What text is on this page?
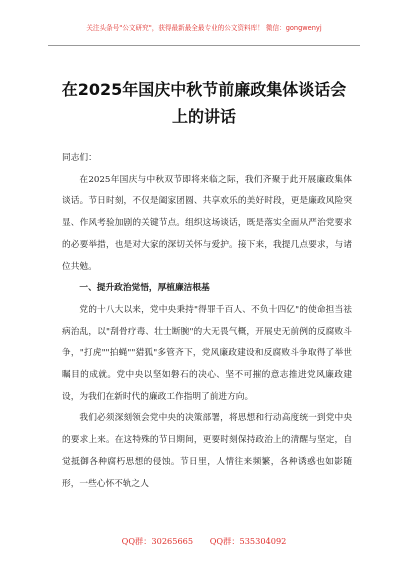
关注头条号"公文研究"，获得最新最全最专业的公文资料库！ 微信：gongwenyj
在2025年国庆中秋节前廉政集体谈话会
上的讲话

同志们：

在2025年国庆与中秋双节即将来临之际，我们齐聚于此开展廉政集体谈话。节日时刻，不仅是阖家团圆、共享欢乐的美好时段，更是廉政风险突显、作风考验加剧的关键节点。组织这场谈话，既是落实全面从严治党要求的必要举措，也是对大家的深切关怀与爱护。接下来，我提几点要求，与诸位共勉。

一、提升政治觉悟，厚植廉洁根基

党的十八大以来，党中央秉持"得罪千百人、不负十四亿"的使命担当祛病治乱，以"刮骨疗毒、壮士断腕"的大无畏气概，开展史无前例的反腐败斗争，"打虎""拍蝇""猎狐"多管齐下，党风廉政建设和反腐败斗争取得了举世瞩目的成就。党中央以坚如磐石的决心、坚不可摧的意志推进党风廉政建设，为我们在新时代的廉政工作指明了前进方向。

我们必须深刻领会党中央的决策部署，将思想和行动高度统一到党中央的要求上来。在这特殊的节日期间，更要时刻保持政治上的清醒与坚定，自觉抵御各种腐朽思想的侵蚀。节日里，人情往来频繁，各种诱惑也如影随形，一些心怀不轨之人

QQ群：30265665 QQ群：535304092
